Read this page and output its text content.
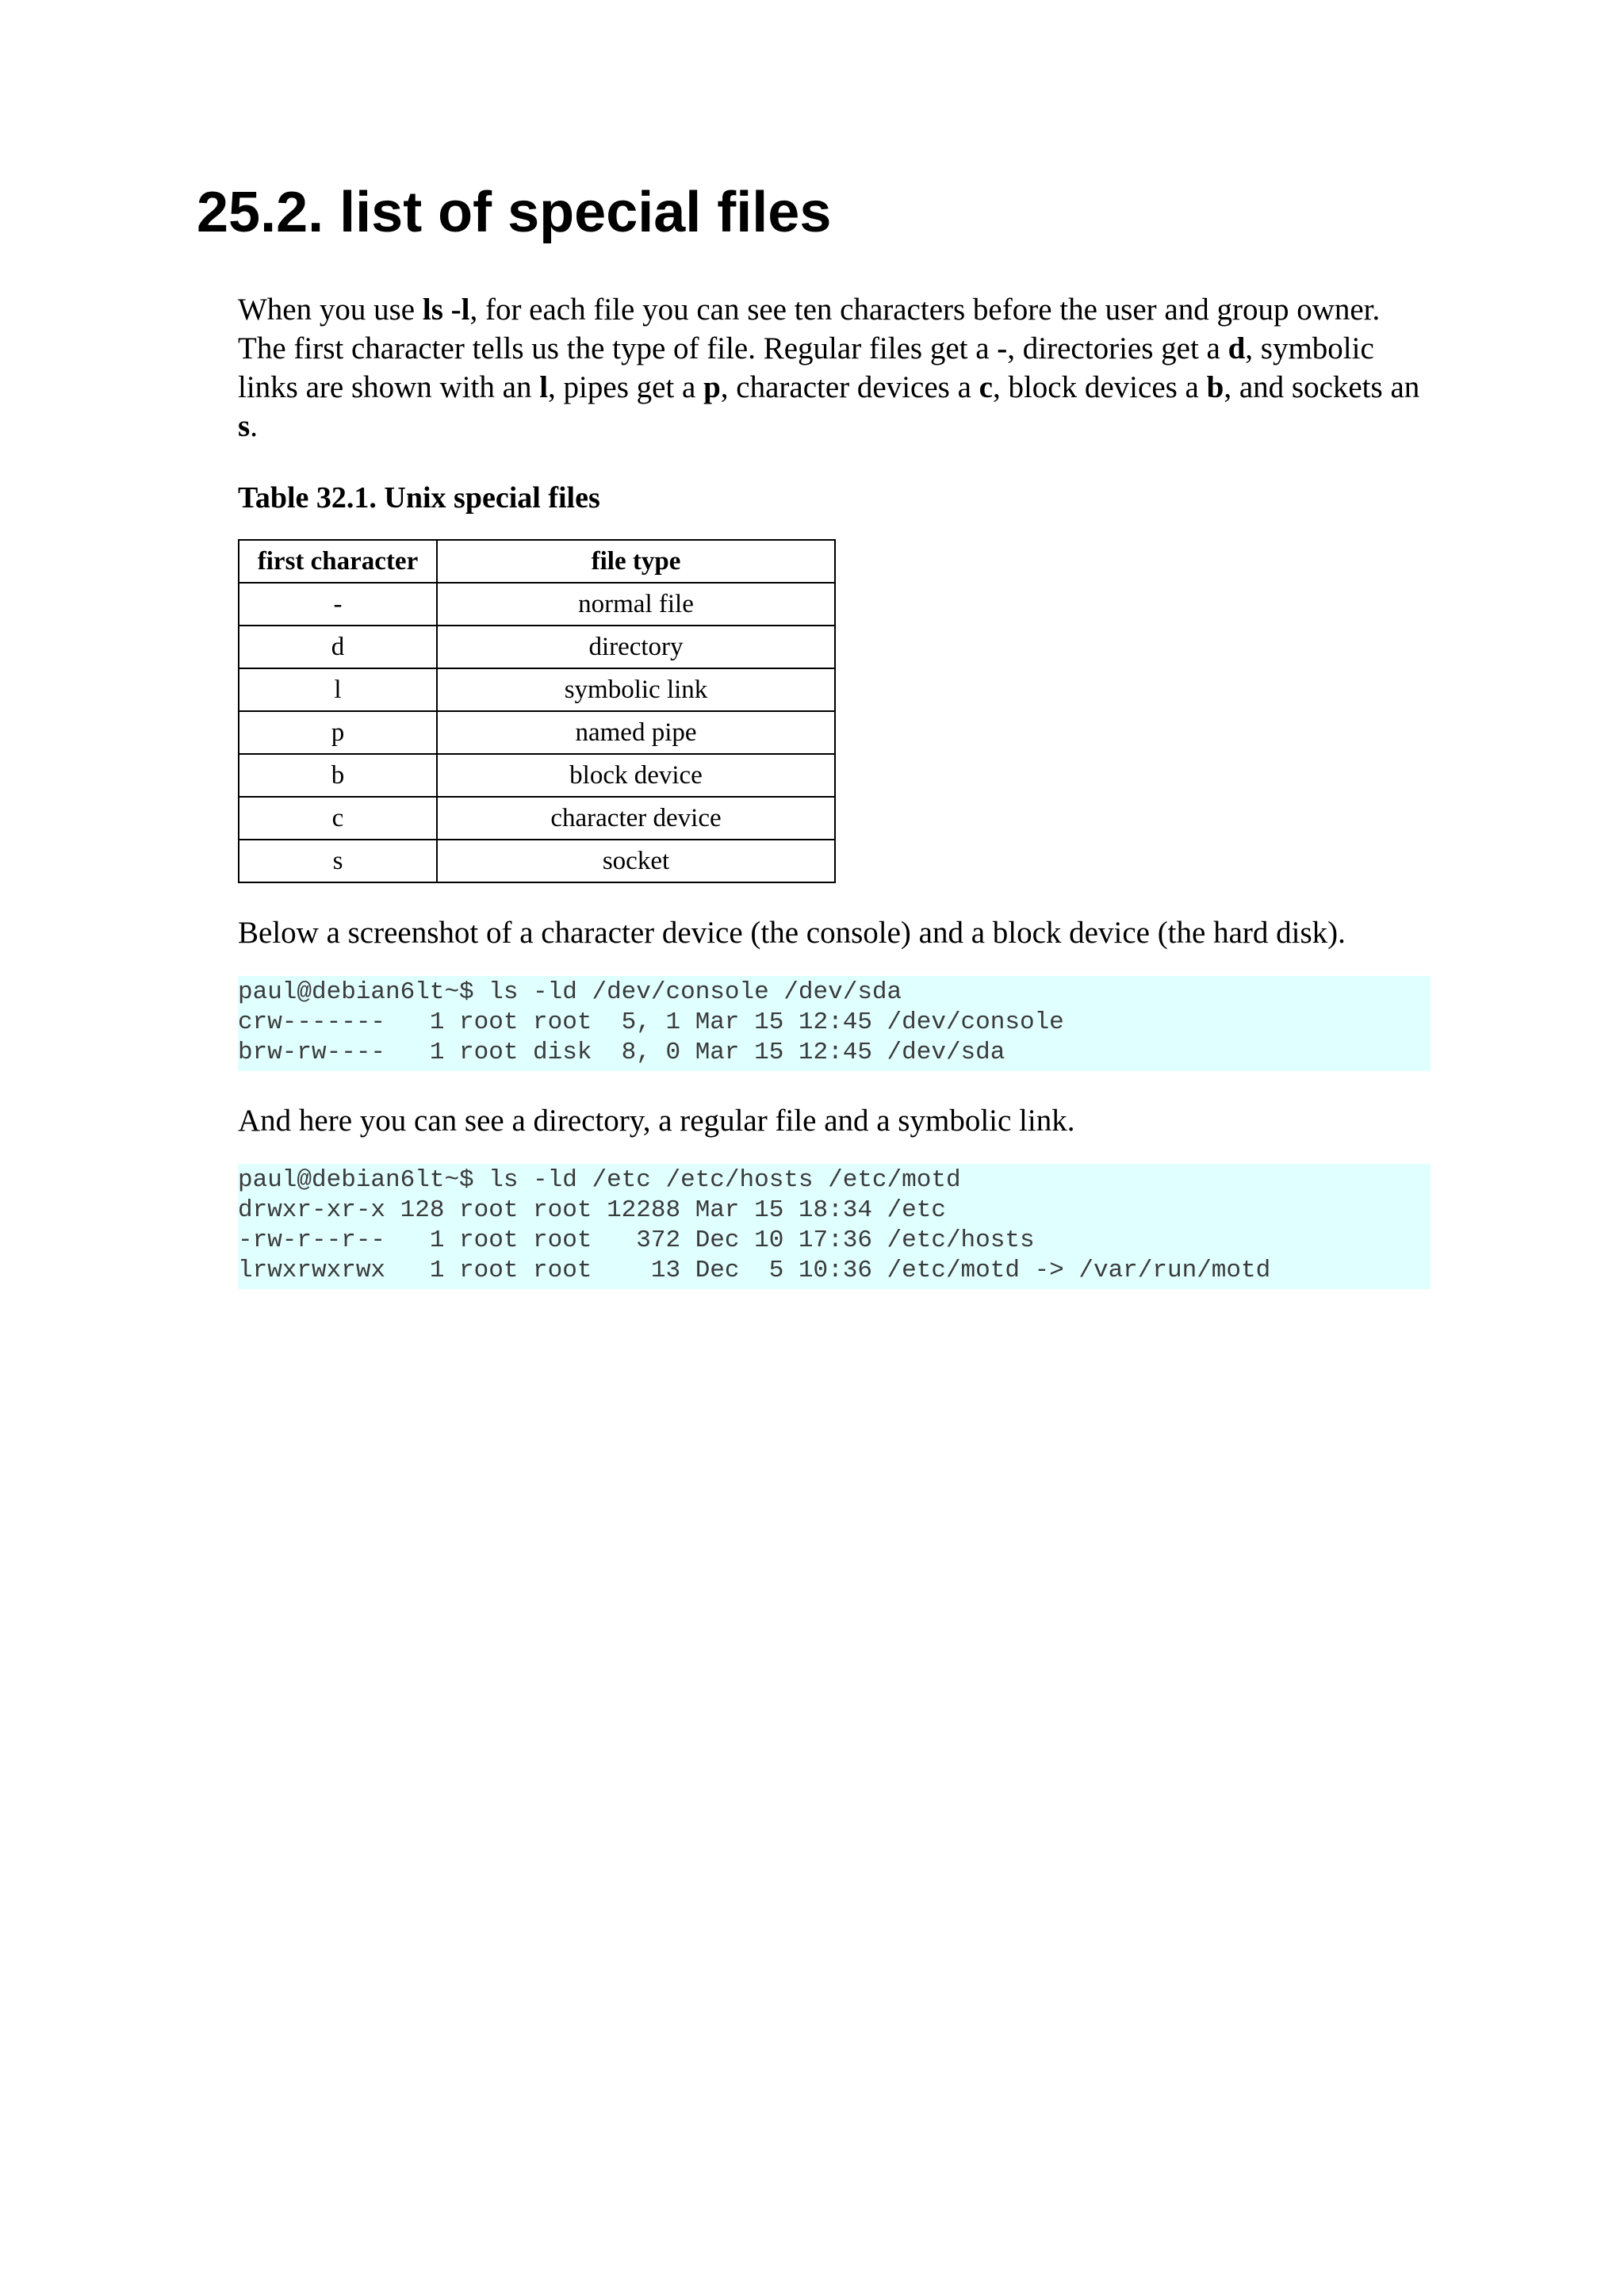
25.2. list of special files

When you use ls -l, for each file you can see ten characters before the user and group owner. The first character tells us the type of file. Regular files get a -, directories get a d, symbolic links are shown with an l, pipes get a p, character devices a c, block devices a b, and sockets an s.

Table 32.1. Unix special files

first character	file type
-	normal file
d	directory
l	symbolic link
p	named pipe
b	block device
c	character device
s	socket

Below a screenshot of a character device (the console) and a block device (the hard disk).

paul@debian6lt~$ ls -ld /dev/console /dev/sda
crw-------   1 root root  5, 1 Mar 15 12:45 /dev/console
brw-rw----   1 root disk  8, 0 Mar 15 12:45 /dev/sda

And here you can see a directory, a regular file and a symbolic link.

paul@debian6lt~$ ls -ld /etc /etc/hosts /etc/motd
drwxr-xr-x 128 root root 12288 Mar 15 18:34 /etc
-rw-r--r--   1 root root   372 Dec 10 17:36 /etc/hosts
lrwxrwxrwx   1 root root    13 Dec  5 10:36 /etc/motd -> /var/run/motd
